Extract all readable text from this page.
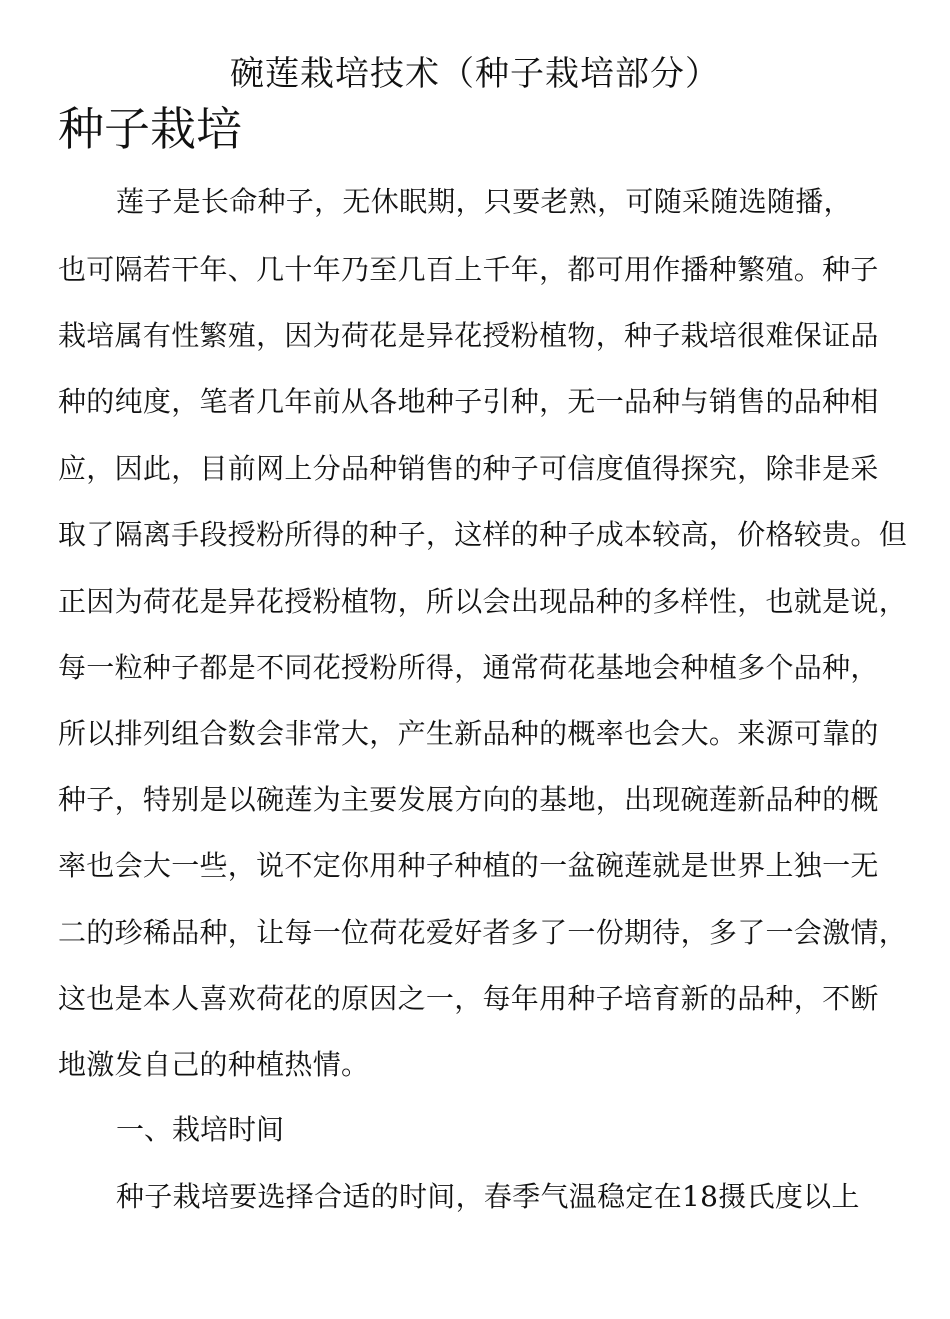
碗莲栽培技术（种子栽培部分）
种子栽培
莲子是长命种子，无休眠期，只要老熟，可随采随选随播，
也可隔若干年、几十年乃至几百上千年，都可用作播种繁殖。种子
栽培属有性繁殖，因为荷花是异花授粉植物，种子栽培很难保证品
种的纯度，笔者几年前从各地种子引种，无一品种与销售的品种相
应，因此，目前网上分品种销售的种子可信度值得探究，除非是采
取了隔离手段授粉所得的种子，这样的种子成本较高，价格较贵。但
正因为荷花是异花授粉植物，所以会出现品种的多样性，也就是说，
每一粒种子都是不同花授粉所得，通常荷花基地会种植多个品种，
所以排列组合数会非常大，产生新品种的概率也会大。来源可靠的
种子，特别是以碗莲为主要发展方向的基地，出现碗莲新品种的概
率也会大一些，说不定你用种子种植的一盆碗莲就是世界上独一无
二的珍稀品种，让每一位荷花爱好者多了一份期待，多了一会激情，
这也是本人喜欢荷花的原因之一，每年用种子培育新的品种，不断
地激发自己的种植热情。
一、栽培时间
种子栽培要选择合适的时间，春季气温稳定在18摄氏度以上
